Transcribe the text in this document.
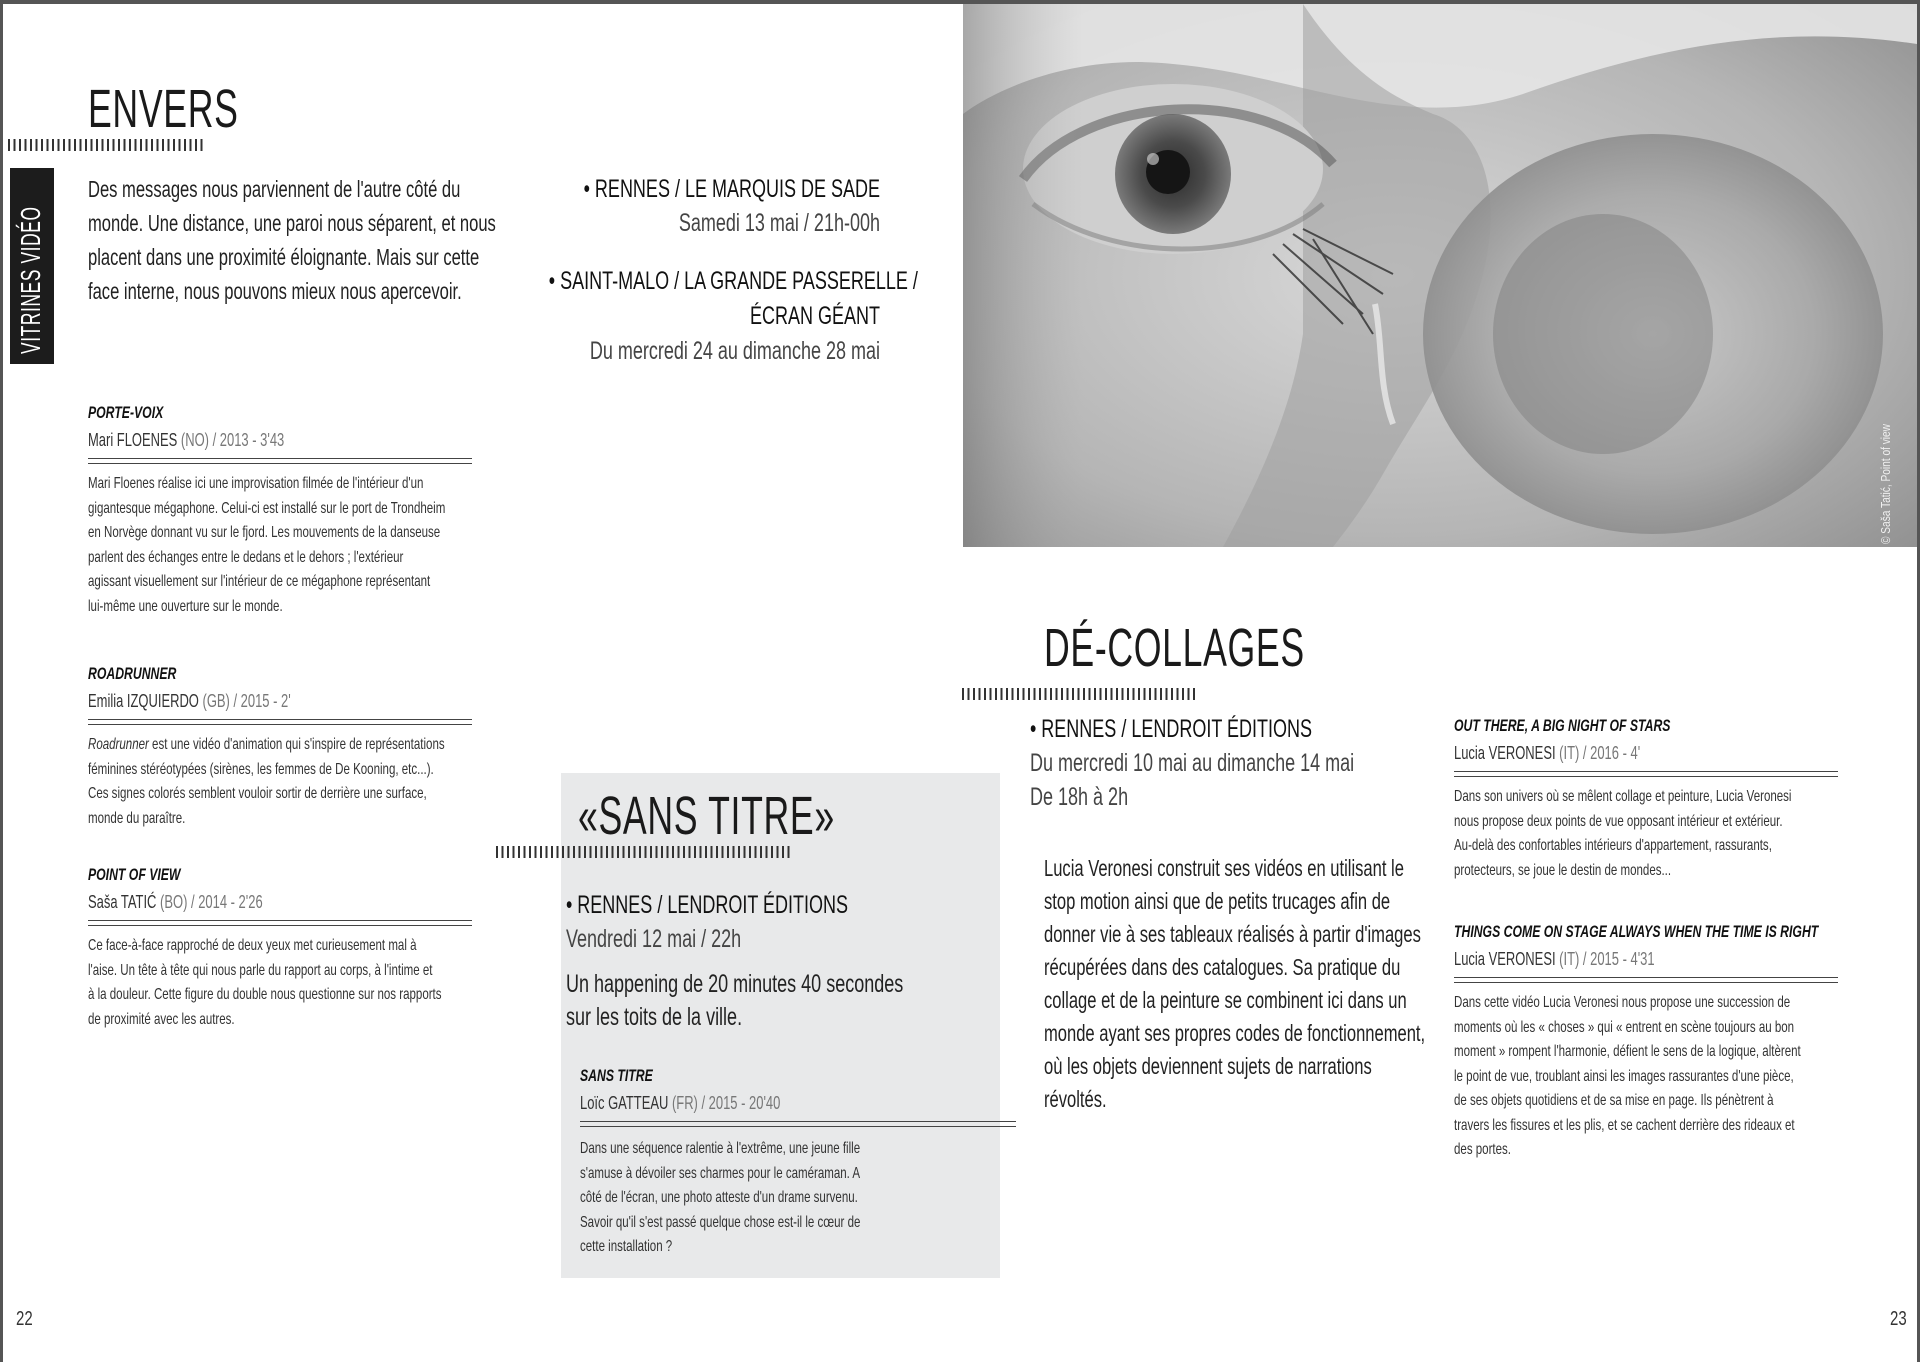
VITRINES VIDÉO
ENVERS

Des messages nous parviennent de l'autre côté du

monde. Une distance, une paroi nous séparent, et nous

placent dans une proximité éloignante. Mais sur cette

face interne, nous pouvons mieux nous apercevoir.

• RENNES / LE MARQUIS DE SADE
Samedi 13 mai / 21h-00h
• SAINT-MALO / LA GRANDE PASSERELLE /
ÉCRAN GÉANT
Du mercredi 24 au dimanche 28 mai
PORTE-VOIX
Mari FLOENES (NO) / 2013 - 3'43

Mari Floenes réalise ici une improvisation filmée de l'intérieur d'un

gigantesque mégaphone. Celui-ci est installé sur le port de Trondheim

en Norvège donnant vu sur le fjord. Les mouvements de la danseuse

parlent des échanges entre le dedans et le dehors ; l'extérieur

agissant visuellement sur l'intérieur de ce mégaphone représentant

lui-même une ouverture sur le monde.

ROADRUNNER
Emilia IZQUIERDO (GB) / 2015 - 2'

Roadrunner est une vidéo d'animation qui s'inspire de représentations

féminines stéréotypées (sirènes, les femmes de De Kooning, etc...).

Ces signes colorés semblent vouloir sortir de derrière une surface,

monde du paraître.

POINT OF VIEW
Saša TATIĆ (BO) / 2014 - 2'26

Ce face-à-face rapproché de deux yeux met curieusement mal à

l'aise. Un tête à tête qui nous parle du rapport au corps, à l'intime et

à la douleur. Cette figure du double nous questionne sur nos rapports

de proximité avec les autres.

«SANS TITRE»
• RENNES / LENDROIT ÉDITIONS
Vendredi 12 mai / 22h
Un happening de 20 minutes 40 secondes
sur les toits de la ville.
SANS TITRE
Loïc GATTEAU (FR) / 2015 - 20'40

Dans une séquence ralentie à l'extrême, une jeune fille

s'amuse à dévoiler ses charmes pour le caméraman. A

côté de l'écran, une photo atteste d'un drame survenu.

Savoir qu'il s'est passé quelque chose est-il le cœur de

cette installation ?

© Saša Tatić, Point of view
DÉ-COLLAGES
• RENNES / LENDROIT ÉDITIONS
Du mercredi 10 mai au dimanche 14 mai
De 18h à 2h
Lucia Veronesi construit ses vidéos en utilisant le
stop motion ainsi que de petits trucages afin de
donner vie à ses tableaux réalisés à partir d'images
récupérées dans des catalogues. Sa pratique du
collage et de la peinture se combinent ici dans un
monde ayant ses propres codes de fonctionnement,
où les objets deviennent sujets de narrations
révoltés.
OUT THERE, A BIG NIGHT OF STARS
Lucia VERONESI (IT) / 2016 - 4'

Dans son univers où se mêlent collage et peinture, Lucia Veronesi

nous propose deux points de vue opposant intérieur et extérieur.

Au-delà des confortables intérieurs d'appartement, rassurants,

protecteurs, se joue le destin de mondes...

THINGS COME ON STAGE ALWAYS WHEN THE TIME IS RIGHT
Lucia VERONESI (IT) / 2015 - 4'31

Dans cette vidéo Lucia Veronesi nous propose une succession de

moments où les « choses » qui « entrent en scène toujours au bon

moment » rompent l'harmonie, défient le sens de la logique, altèrent

le point de vue, troublant ainsi les images rassurantes d'une pièce,

de ses objets quotidiens et de sa mise en page. Ils pénètrent à

travers les fissures et les plis, et se cachent derrière des rideaux et

des portes.

22	23
